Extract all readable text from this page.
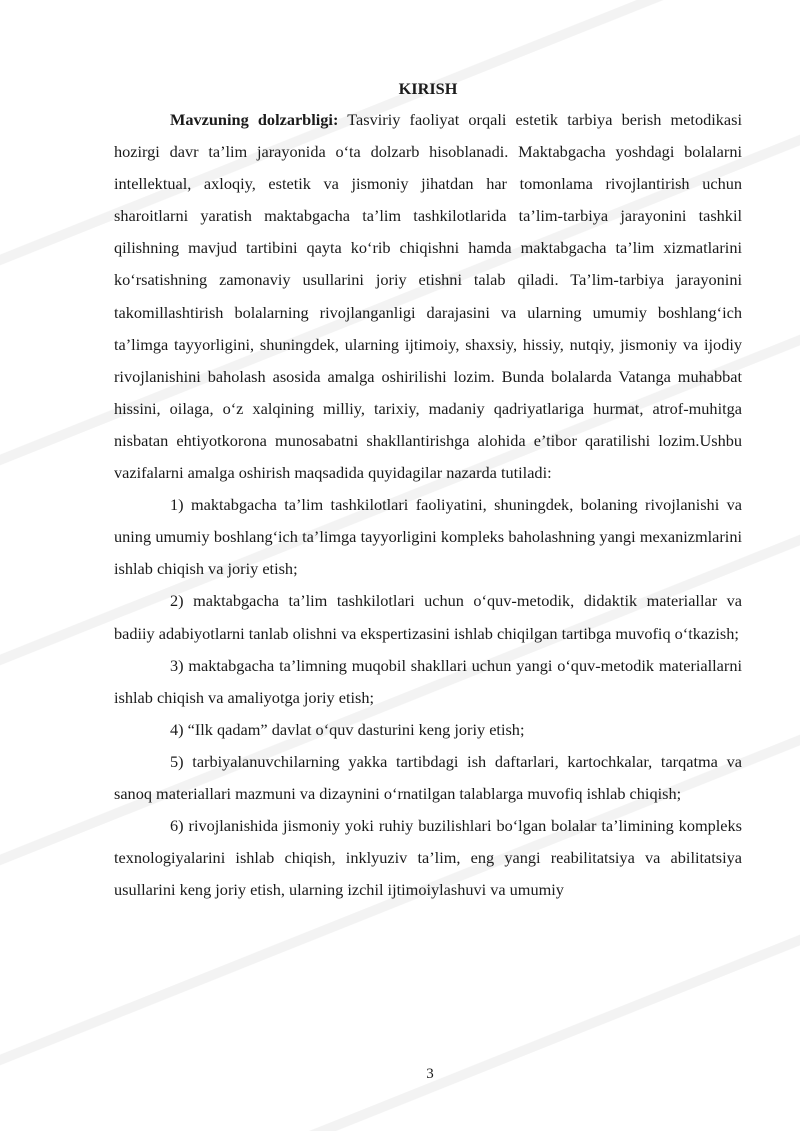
KIRISH

Mavzuning dolzarbligi: Tasviriy faoliyat orqali estetik tarbiya berish metodikasi hozirgi davr ta’lim jarayonida o‘ta dolzarb hisoblanadi. Maktabgacha yoshdagi bolalarni intellektual, axloqiy, estetik va jismoniy jihatdan har tomonlama rivojlantirish uchun sharoitlarni yaratish maktabgacha ta’lim tashkilotlarida ta’lim-tarbiya jarayonini tashkil qilishning mavjud tartibini qayta ko‘rib chiqishni hamda maktabgacha ta’lim xizmatlarini ko‘rsatishning zamonaviy usullarini joriy etishni talab qiladi. Ta’lim-tarbiya jarayonini takomillashtirish bolalarning rivojlanganligi darajasini va ularning umumiy boshlang‘ich ta’limga tayyorligini, shuningdek, ularning ijtimoiy, shaxsiy, hissiy, nutqiy, jismoniy va ijodiy rivojlanishini baholash asosida amalga oshirilishi lozim. Bunda bolalarda Vatanga muhabbat hissini, oilaga, o‘z xalqining milliy, tarixiy, madaniy qadriyatlariga hurmat, atrof-muhitga nisbatan ehtiyotkorona munosabatni shakllantirishga alohida e’tibor qaratilishi lozim.Ushbu vazifalarni amalga oshirish maqsadida quyidagilar nazarda tutiladi:

1) maktabgacha ta’lim tashkilotlari faoliyatini, shuningdek, bolaning rivojlanishi va uning umumiy boshlang‘ich ta’limga tayyorligini kompleks baholashning yangi mexanizmlarini ishlab chiqish va joriy etish;

2) maktabgacha ta’lim tashkilotlari uchun o‘quv-metodik, didaktik materiallar va badiiy adabiyotlarni tanlab olishni va ekspertizasini ishlab chiqilgan tartibga muvofiq o‘tkazish;

3) maktabgacha ta’limning muqobil shakllari uchun yangi o‘quv-metodik materiallarni ishlab chiqish va amaliyotga joriy etish;

4) “Ilk qadam” davlat o‘quv dasturini keng joriy etish;

5) tarbiyalanuvchilarning yakka tartibdagi ish daftarlari, kartochkalar, tarqatma va sanoq materiallari mazmuni va dizaynini o‘rnatilgan talablarga muvofiq ishlab chiqish;

6) rivojlanishida jismoniy yoki ruhiy buzilishlari bo‘lgan bolalar ta’limining kompleks texnologiyalarini ishlab chiqish, inklyuziv ta’lim, eng yangi reabilitatsiya va abilitatsiya usullarini keng joriy etish, ularning izchil ijtimoiylashuvi va umumiy

3
